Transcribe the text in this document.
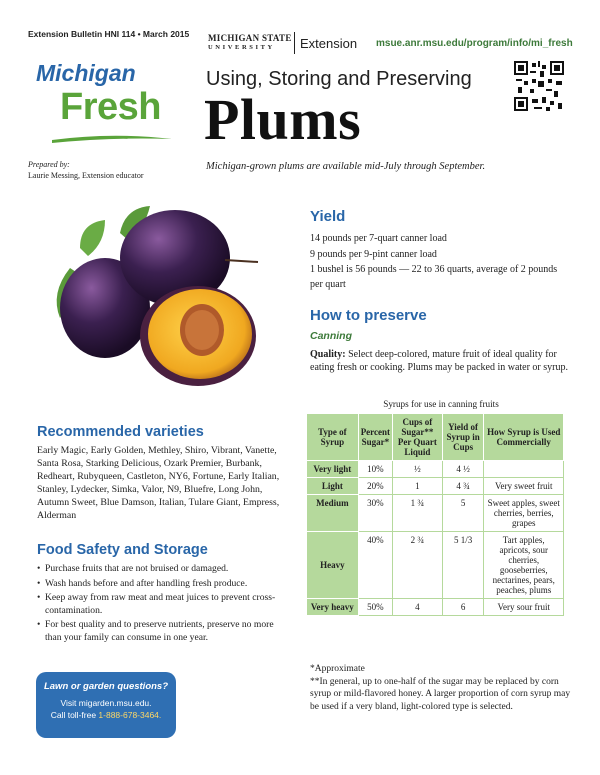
Extension Bulletin HNI 114 • March 2015 MICHIGAN STATE
UNIVERSITY	Extension msue.anr.msu.edu/program/info/mi_fresh
Michigan
Fresh
Using, Storing and Preserving
Plums
Michigan-grown plums are available mid-July through September.
Prepared by:
Laurie Messing, Extension educator
Yield
14 pounds per 7-quart canner load
9 pounds per 9-pint canner load
1 bushel is 56 pounds — 22 to 36 quarts, average of 2 pounds per quart
How to preserve
Canning
Quality: Select deep-colored, mature fruit of ideal quality for eating fresh or cooking. Plums may be packed in water or syrup.
Syrups for use in canning fruits
Type of Syrup	Percent Sugar*	Cups of Sugar** Per Quart Liquid	Yield of Syrup in Cups	How Syrup is Used Commercially
Very light	10%	½	4 ½	
Light	20%	1	4 ¾	Very sweet fruit
Medium	30%	1 ¾	5	Sweet apples, sweet cherries, berries, grapes
Heavy	40%	2 ¾	5 1/3	Tart apples, apricots, sour cherries, gooseberries, nectarines, pears, peaches, plums
Very heavy	50%	4	6	Very sour fruit
*Approximate
**In general, up to one-half of the sugar may be replaced by corn syrup or mild-flavored honey. A larger proportion of corn syrup may be used if a very bland, light-colored type is selected.
Recommended varieties
Early Magic, Early Golden, Methley, Shiro, Vibrant, Vanette, Santa Rosa, Starking Delicious, Ozark Premier, Burbank, Redheart, Rubyqueen, Castleton, NY6, Fortune, Early Italian, Stanley, Lydecker, Simka, Valor, N9, Bluefre, Long John, Autumn Sweet, Blue Damson, Italian, Tulare Giant, Empress, Alderman
Food Safety and Storage
• Purchase fruits that are not bruised or damaged.
• Wash hands before and after handling fresh produce.
• Keep away from raw meat and meat juices to prevent cross-contamination.
• For best quality and to preserve nutrients, preserve no more than your family can consume in one year.
Lawn or garden questions?
Visit migarden.msu.edu.
Call toll-free 1-888-678-3464.
